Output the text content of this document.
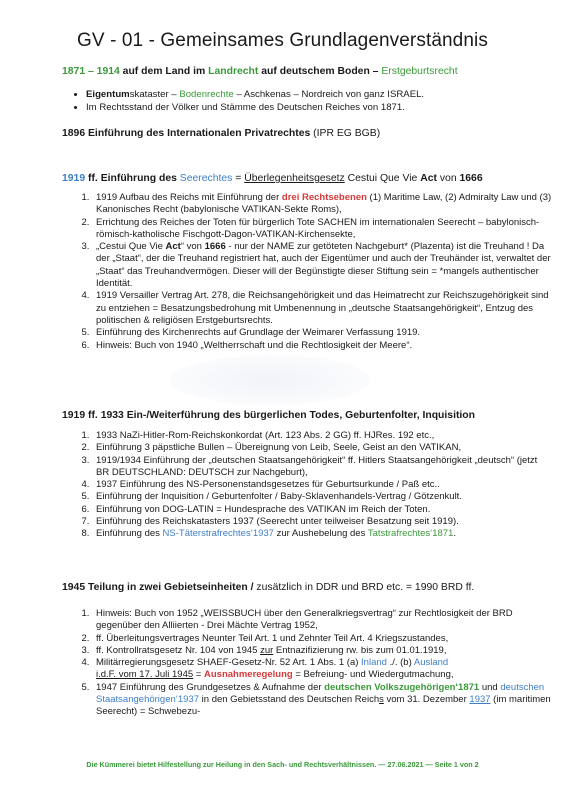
GV - 01 - Gemeinsames Grundlagenverständnis
1871 – 1914 auf dem Land im Landrecht auf deutschem Boden – Erstgeburtsrecht
• Eigentumskataster – Bodenrechte – Aschkenas – Nordreich von ganz ISRAEL.
• Im Rechtsstand der Völker und Stämme des Deutschen Reiches von 1871.
1896 Einführung des Internationalen Privatrechtes (IPR EG BGB)
1919 ff. Einführung des Seerechtes = Überlegenheitsgesetz Cestui Que Vie Act von 1666
1. 1919 Aufbau des Reichs mit Einführung der drei Rechtsebenen (1) Maritime Law, (2) Admiralty Law und (3) Kanonisches Recht (babylonische VATIKAN-Sekte Roms),
2. Errichtung des Reiches der Toten für bürgerlich Tote SACHEN im internationalen Seerecht – babylonisch-römisch-katholische Fischgott-Dagon-VATIKAN-Kirchensekte,
3. „Cestui Que Vie Act“ von 1666 - nur der NAME zur getöteten Nachgeburt* (Plazenta) ist die Treuhand ! Da der „Staat“, der die Treuhand registriert hat, auch der Eigentümer und auch der Treuhänder ist, verwaltet der „Staat“ das Treuhandvermögen. Dieser will der Begünstigte dieser Stiftung sein = *mangels authentischer Identität.
4. 1919 Versailler Vertrag Art. 278, die Reichsangehörigkeit und das Heimatrecht zur Reichszugehörigkeit sind zu entziehen = Besatzungsbedrohung mit Umbenennung in „deutsche Staatsangehörigkeit“, Entzug des politischen & religiösen Erstgeburtsrechts.
5. Einführung des Kirchenrechts auf Grundlage der Weimarer Verfassung 1919.
6. Hinweis: Buch von 1940 „Weltherrschaft und die Rechtlosigkeit der Meere“.
1919 ff. 1933 Ein-/Weiterführung des bürgerlichen Todes, Geburtenfolter, Inquisition
1. 1933 NaZi-Hitler-Rom-Reichskonkordat (Art. 123 Abs. 2 GG) ff. HJRes. 192 etc.,
2. Einführung 3 päpstliche Bullen – Übereignung von Leib, Seele, Geist an den VATIKAN,
3. 1919/1934 Einführung der „deutschen Staatsangehörigkeit“ ff. Hitlers Staatsangehörigkeit „deutsch“ (jetzt BR DEUTSCHLAND: DEUTSCH zur Nachgeburt),
4. 1937 Einführung des NS-Personenstandsgesetzes für Geburtsurkunde / Paß etc..
5. Einführung der Inquisition / Geburtenfolter / Baby-Sklavenhandels-Vertrag / Götzenkult.
6. Einführung von DOG-LATIN = Hundesprache des VATIKAN im Reich der Toten.
7. Einführung des Reichskatasters 1937 (Seerecht unter teilweiser Besatzung seit 1919).
8. Einführung des NS-Täterstrafrechtesʻ1937 zur Aushebelung des Tatstrafrechtesʻ1871.
1945 Teilung in zwei Gebietseinheiten / zusätzlich in DDR und BRD etc. = 1990 BRD ff.
1. Hinweis: Buch von 1952 „WEISSBUCH über den Generalkriegsvertrag“ zur Rechtlosigkeit der BRD gegenüber den Alliierten - Drei Mächte Vertrag 1952,
2. ff. Überleitungsvertrages Neunter Teil Art. 1 und Zehnter Teil Art. 4 Kriegszustandes,
3. ff. Kontrollratsgesetz Nr. 104 von 1945 zur Entnazifizierung rw. bis zum 01.01.1919,
4. Militärregierungsgesetz SHAEF-Gesetz-Nr. 52 Art. 1 Abs. 1 (a) Inland ./. (b) Ausland
i.d.F. vom 17. Juli 1945 = Ausnahmeregelung = Befreiung- und Wiedergutmachung,
5. 1947 Einführung des Grundgesetzes & Aufnahme der deutschen Volkszugehörigenʻ1871 und deutschen Staatsangehörigenʻ1937 in den Gebietsstand des Deutschen Reichs vom 31. Dezember 1937 (im maritimen Seerecht) = Schwebezu-
Die Kümmerei bietet Hilfestellung zur Heilung in den Sach- und Rechtsverhältnissen. — 27.06.2021 — Seite 1 von 2
